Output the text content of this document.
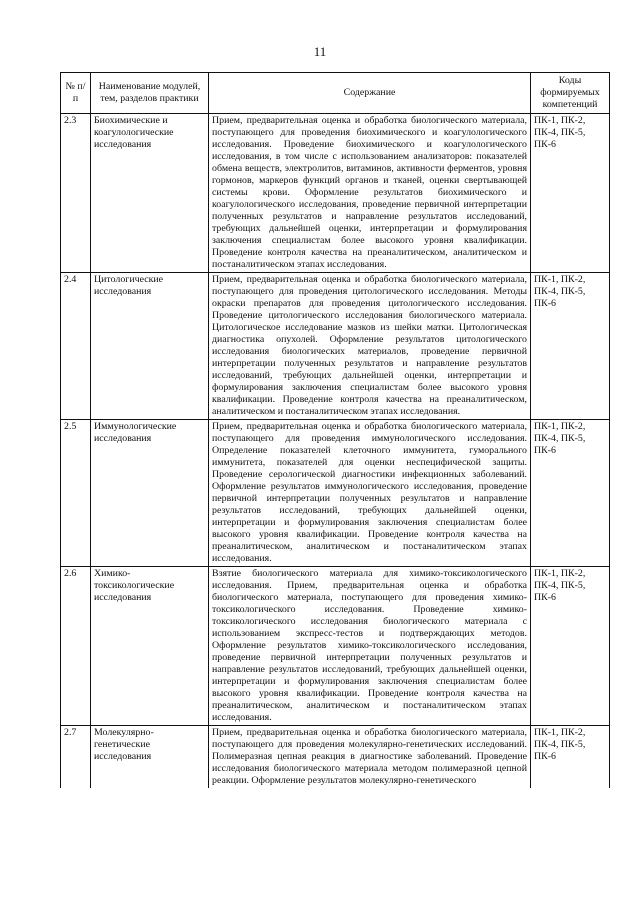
11
№ п/п	Наименование модулей, тем, разделов практики	Содержание	Коды формируемых компетенций
2.3	Биохимические и коагулологические исследования	Прием, предварительная оценка и обработка биологического материала, поступающего для проведения биохимического и коагулологического исследования. Проведение биохимического и коагулологического исследования, в том числе с использованием анализаторов: показателей обмена веществ, электролитов, витаминов, активности ферментов, уровня гормонов, маркеров функций органов и тканей, оценки свертывающей системы крови. Оформление результатов биохимического и коагулологического исследования, проведение первичной интерпретации полученных результатов и направление результатов исследований, требующих дальнейшей оценки, интерпретации и формулирования заключения специалистам более высокого уровня квалификации. Проведение контроля качества на преаналитическом, аналитическом и постаналитическом этапах исследования.	ПК-1, ПК-2, ПК-4, ПК-5, ПК-6
2.4	Цитологические исследования	Прием, предварительная оценка и обработка биологического материала, поступающего для проведения цитологического исследования. Методы окраски препаратов для проведения цитологического исследования. Проведение цитологического исследования биологического материала. Цитологическое исследование мазков из шейки матки. Цитологическая диагностика опухолей. Оформление результатов цитологического исследования биологических материалов, проведение первичной интерпретации полученных результатов и направление результатов исследований, требующих дальнейшей оценки, интерпретации и формулирования заключения специалистам более высокого уровня квалификации. Проведение контроля качества на преаналитическом, аналитическом и постаналитическом этапах исследования.	ПК-1, ПК-2, ПК-4, ПК-5, ПК-6
2.5	Иммунологические исследования	Прием, предварительная оценка и обработка биологического материала, поступающего для проведения иммунологического исследования. Определение показателей клеточного иммунитета, гуморального иммунитета, показателей для оценки неспецифической защиты. Проведение серологической диагностики инфекционных заболеваний. Оформление результатов иммунологического исследования, проведение первичной интерпретации полученных результатов и направление результатов исследований, требующих дальнейшей оценки, интерпретации и формулирования заключения специалистам более высокого уровня квалификации. Проведение контроля качества на преаналитическом, аналитическом и постаналитическом этапах исследования.	ПК-1, ПК-2, ПК-4, ПК-5, ПК-6
2.6	Химико-токсикологические исследования	Взятие биологического материала для химико-токсикологического исследования. Прием, предварительная оценка и обработка биологического материала, поступающего для проведения химико-токсикологического исследования. Проведение химико-токсикологического исследования биологического материала с использованием экспресс-тестов и подтверждающих методов. Оформление результатов химико-токсикологического исследования, проведение первичной интерпретации полученных результатов и направление результатов исследований, требующих дальнейшей оценки, интерпретации и формулирования заключения специалистам более высокого уровня квалификации. Проведение контроля качества на преаналитическом, аналитическом и постаналитическом этапах исследования.	ПК-1, ПК-2, ПК-4, ПК-5, ПК-6
2.7	Молекулярно-генетические исследования	Прием, предварительная оценка и обработка биологического материала, поступающего для проведения молекулярно-генетических исследований. Полимеразная цепная реакция в диагностике заболеваний. Проведение исследования биологического материала методом полимеразной цепной реакции. Оформление результатов молекулярно-генетического	ПК-1, ПК-2, ПК-4, ПК-5, ПК-6
